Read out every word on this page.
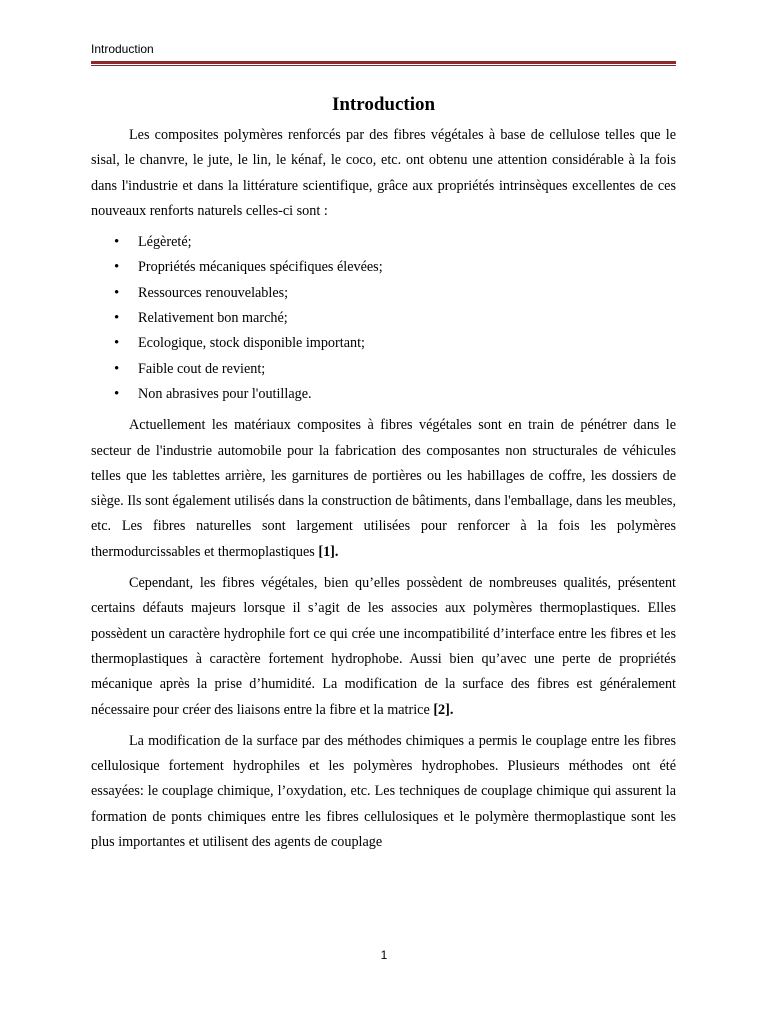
Introduction
Introduction

Les composites polymères renforcés par des fibres végétales à base de cellulose telles que le sisal, le chanvre, le jute, le lin, le kénaf, le coco, etc. ont obtenu une attention considérable à la fois dans l'industrie et dans la littérature scientifique, grâce aux propriétés intrinsèques excellentes de ces nouveaux renforts naturels celles-ci sont :

• Légèreté;
• Propriétés mécaniques spécifiques élevées;
• Ressources renouvelables;
• Relativement bon marché;
• Ecologique, stock disponible important;
• Faible cout de revient;
• Non abrasives pour l'outillage.

Actuellement les matériaux composites à fibres végétales sont en train de pénétrer dans le secteur de l'industrie automobile pour la fabrication des composantes non structurales de véhicules telles que les tablettes arrière, les garnitures de portières ou les habillages de coffre, les dossiers de siège. Ils sont également utilisés dans la construction de bâtiments, dans l'emballage, dans les meubles, etc. Les fibres naturelles sont largement utilisées pour renforcer à la fois les polymères thermodurcissables et thermoplastiques [1].

Cependant, les fibres végétales, bien qu’elles possèdent de nombreuses qualités, présentent certains défauts majeurs lorsque il s’agit de les associes aux polymères thermoplastiques. Elles possèdent un caractère hydrophile fort ce qui crée une incompatibilité d’interface entre les fibres et les thermoplastiques à caractère fortement hydrophobe. Aussi bien qu’avec une perte de propriétés mécanique après la prise d’humidité. La modification de la surface des fibres est généralement nécessaire pour créer des liaisons entre la fibre et la matrice [2].

La modification de la surface par des méthodes chimiques a permis le couplage entre les fibres cellulosique fortement hydrophiles et les polymères hydrophobes. Plusieurs méthodes ont été essayées: le couplage chimique, l’oxydation, etc. Les techniques de couplage chimique qui assurent la formation de ponts chimiques entre les fibres cellulosiques et le polymère thermoplastique sont les plus importantes et utilisent des agents de couplage

1
